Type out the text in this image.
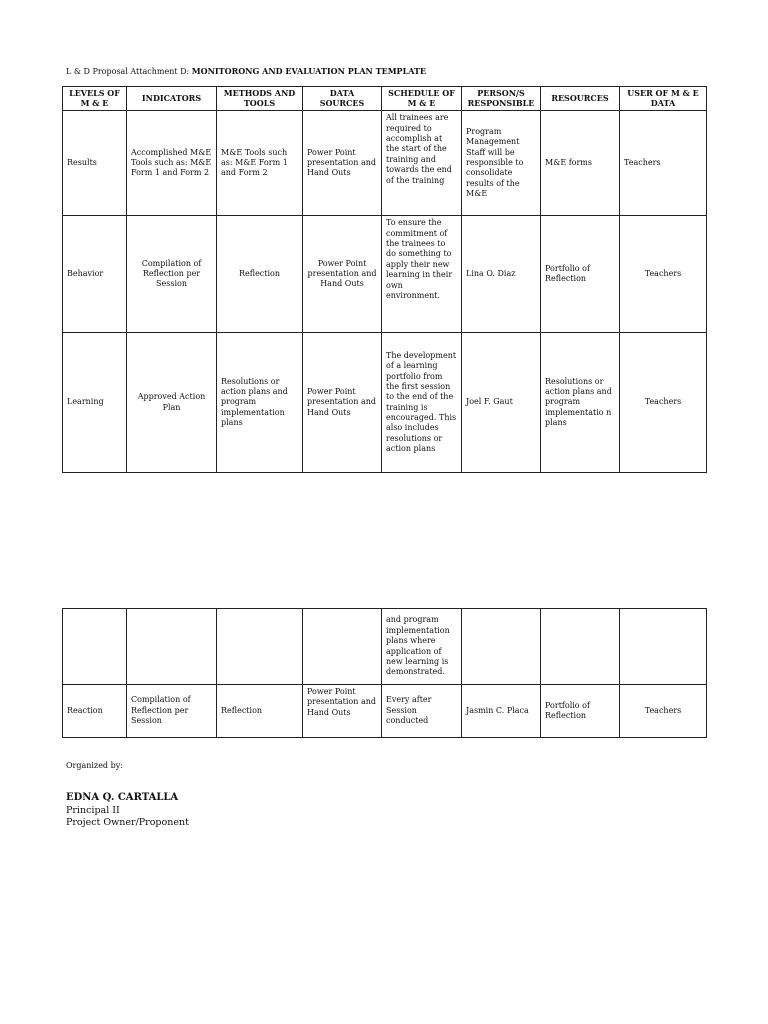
L & D Proposal Attachment D: MONITORONG AND EVALUATION PLAN TEMPLATE
LEVELS OF M & E	INDICATORS	METHODS AND TOOLS	DATA SOURCES	SCHEDULE OF M & E	PERSON/S RESPONSIBLE	RESOURCES	USER OF M & E DATA
Results	Accomplished M&E Tools such as: M&E Form 1 and Form 2	M&E Tools such as: M&E Form 1 and Form 2	Power Point presentation and Hand Outs	All trainees are required to accomplish at the start of the training and towards the end of the training	Program Management Staff will be responsible to consolidate results of the M&E	M&E forms	Teachers
Behavior	Compilation of Reflection per Session	Reflection	Power Point presentation and Hand Outs	To ensure the commitment of the trainees to do something to apply their new learning in their own environment.	Lina O. Diaz	Portfolio of Reflection	Teachers
Learning	Approved Action Plan	Resolutions or action plans and program implementation plans	Power Point presentation and Hand Outs	The development of a learning portfolio from the first session to the end of the training is encouraged. This also includes resolutions or action plans	Joel F. Gaut	Resolutions or action plans and program implementatio n plans	Teachers
				and program implementation plans where application of new learning is demonstrated.			
Reaction	Compilation of Reflection per Session	Reflection	Power Point presentation and Hand Outs	Every after Session conducted	Jasmin C. Placa	Portfolio of Reflection	Teachers
Organized by:
EDNA Q. CARTALLA
Principal II
Project Owner/Proponent
